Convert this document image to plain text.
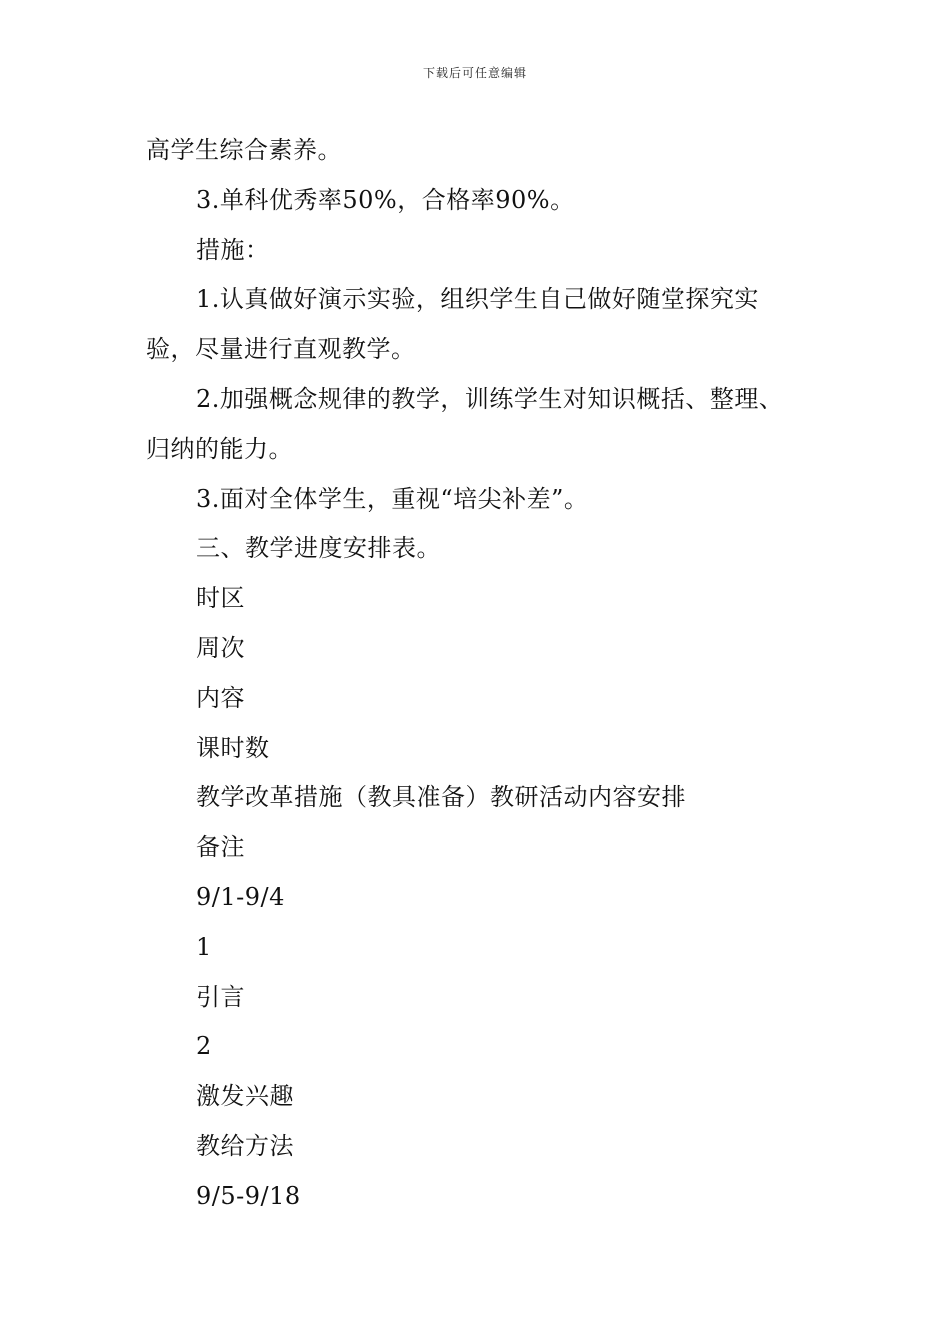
下载后可任意编辑
高学生综合素养。
3.单科优秀率50%，合格率90%。
措施：
1.认真做好演示实验，组织学生自己做好随堂探究实
验，尽量进行直观教学。
2.加强概念规律的教学，训练学生对知识概括、整理、
归纳的能力。
3.面对全体学生，重视“培尖补差”。
三、教学进度安排表。
时区
周次
内容
课时数
教学改革措施（教具准备）教研活动内容安排
备注
9/1-9/4
1
引言
2
激发兴趣
教给方法
9/5-9/18
